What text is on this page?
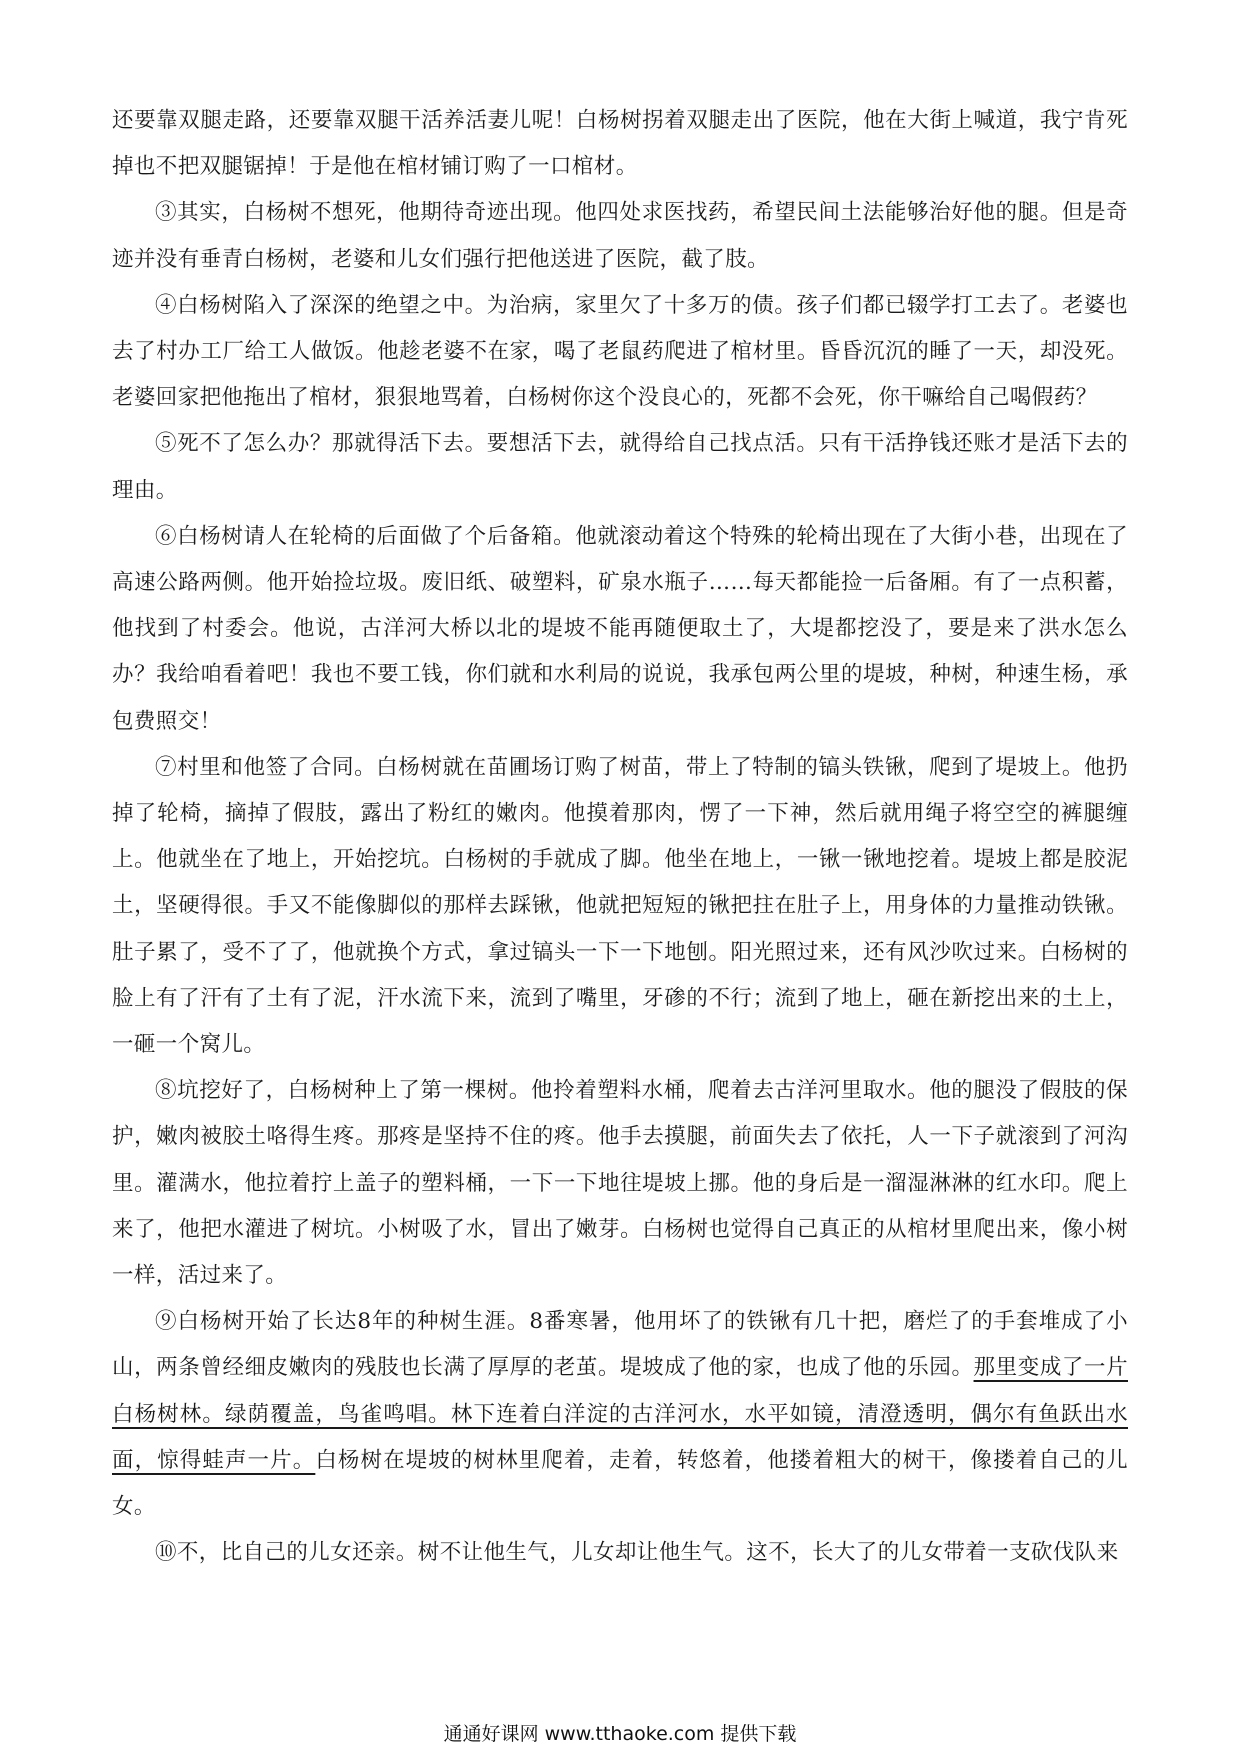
还要靠双腿走路，还要靠双腿干活养活妻儿呢！白杨树拐着双腿走出了医院，他在大街上喊道，我宁肯死掉也不把双腿锯掉！于是他在棺材铺订购了一口棺材。

③其实，白杨树不想死，他期待奇迹出现。他四处求医找药，希望民间土法能够治好他的腿。但是奇迹并没有垂青白杨树，老婆和儿女们强行把他送进了医院，截了肢。

④白杨树陷入了深深的绝望之中。为治病，家里欠了十多万的债。孩子们都已辍学打工去了。老婆也去了村办工厂给工人做饭。他趁老婆不在家，喝了老鼠药爬进了棺材里。昏昏沉沉的睡了一天，却没死。老婆回家把他拖出了棺材，狠狠地骂着，白杨树你这个没良心的，死都不会死，你干嘛给自己喝假药？

⑤死不了怎么办？那就得活下去。要想活下去，就得给自己找点活。只有干活挣钱还账才是活下去的理由。

⑥白杨树请人在轮椅的后面做了个后备箱。他就滚动着这个特殊的轮椅出现在了大街小巷，出现在了高速公路两侧。他开始捡垃圾。废旧纸、破塑料，矿泉水瓶子……每天都能捡一后备厢。有了一点积蓄，他找到了村委会。他说，古洋河大桥以北的堤坡不能再随便取土了，大堤都挖没了，要是来了洪水怎么办？我给咱看着吧！我也不要工钱，你们就和水利局的说说，我承包两公里的堤坡，种树，种速生杨，承包费照交！

⑦村里和他签了合同。白杨树就在苗圃场订购了树苗，带上了特制的镐头铁锹，爬到了堤坡上。他扔掉了轮椅，摘掉了假肢，露出了粉红的嫩肉。他摸着那肉，愣了一下神，然后就用绳子将空空的裤腿缠上。他就坐在了地上，开始挖坑。白杨树的手就成了脚。他坐在地上，一锹一锹地挖着。堤坡上都是胶泥土，坚硬得很。手又不能像脚似的那样去踩锹，他就把短短的锹把拄在肚子上，用身体的力量推动铁锹。肚子累了，受不了了，他就换个方式，拿过镐头一下一下地刨。阳光照过来，还有风沙吹过来。白杨树的脸上有了汗有了土有了泥，汗水流下来，流到了嘴里，牙碜的不行；流到了地上，砸在新挖出来的土上，一砸一个窝儿。

⑧坑挖好了，白杨树种上了第一棵树。他拎着塑料水桶，爬着去古洋河里取水。他的腿没了假肢的保护，嫩肉被胶土咯得生疼。那疼是坚持不住的疼。他手去摸腿，前面失去了依托，人一下子就滚到了河沟里。灌满水，他拉着拧上盖子的塑料桶，一下一下地往堤坡上挪。他的身后是一溜湿淋淋的红水印。爬上来了，他把水灌进了树坑。小树吸了水，冒出了嫩芽。白杨树也觉得自己真正的从棺材里爬出来，像小树一样，活过来了。

⑨白杨树开始了长达8年的种树生涯。8番寒暑，他用坏了的铁锹有几十把，磨烂了的手套堆成了小山，两条曾经细皮嫩肉的残肢也长满了厚厚的老茧。堤坡成了他的家，也成了他的乐园。那里变成了一片白杨树林。绿荫覆盖，鸟雀鸣唱。林下连着白洋淀的古洋河水，水平如镜，清澄透明，偶尔有鱼跃出水面，惊得蛙声一片。白杨树在堤坡的树林里爬着，走着，转悠着，他搂着粗大的树干，像搂着自己的儿女。

⑩不，比自己的儿女还亲。树不让他生气，儿女却让他生气。这不，长大了的儿女带着一支砍伐队来

通通好课网 www.tthaoke.com 提供下载
